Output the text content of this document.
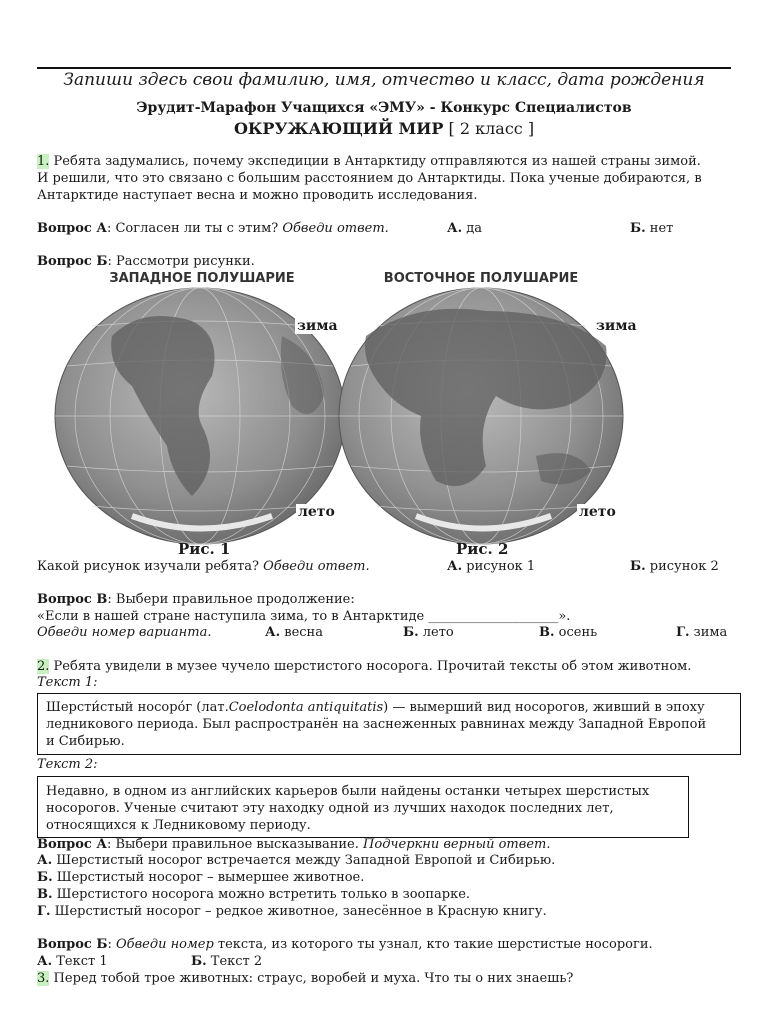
Запиши здесь свои фамилию, имя, отчество и класс, дата рождения
Эрудит-Марафон Учащихся «ЭМУ» - Конкурс Специалистов
ОКРУЖАЮЩИЙ МИР [ 2 класс ]
1. Ребята задумались, почему экспедиции в Антарктиду отправляются из нашей страны зимой.
И решили, что это связано с большим расстоянием до Антарктиды. Пока ученые добираются, в
Антарктиде наступает весна и можно проводить исследования.
Вопрос А: Согласен ли ты с этим? Обведи ответ.	А. да	Б. нет
Вопрос Б: Рассмотри рисунки.
ЗАПАДНОЕ ПОЛУШАРИЕ	ВОСТОЧНОЕ ПОЛУШАРИЕ
зима	зима
лето	лето
Рис. 1	Рис. 2
Какой рисунок изучали ребята? Обведи ответ.	А. рисунок 1	Б. рисунок 2
Вопрос В: Выбери правильное продолжение:
«Если в нашей стране наступила зима, то в Антарктиде ____________________».
Обведи номер варианта.	А. весна	Б. лето	В. осень	Г. зима
2. Ребята увидели в музее чучело шерстистого носорога. Прочитай тексты об этом животном.
Текст 1:
Шерсти́стый носоро́г (лат.Coelodonta antiquitatis) — вымерший вид носорогов, живший в эпоху
ледникового периода. Был распространён на заснеженных равнинах между Западной Европой
и Сибирью.
Текст 2:
Недавно, в одном из английских карьеров были найдены останки четырех шерстистых
носорогов. Ученые считают эту находку одной из лучших находок последних лет,
относящихся к Ледниковому периоду.
Вопрос А: Выбери правильное высказывание. Подчеркни верный ответ.
А. Шерстистый носорог встречается между Западной Европой и Сибирью.
Б. Шерстистый носорог – вымершее животное.
В. Шерстистого носорога можно встретить только в зоопарке.
Г. Шерстистый носорог – редкое животное, занесённое в Красную книгу.
Вопрос Б: Обведи номер текста, из которого ты узнал, кто такие шерстистые носороги.
А. Текст 1	Б. Текст 2
3. Перед тобой трое животных: страус, воробей и муха. Что ты о них знаешь?
